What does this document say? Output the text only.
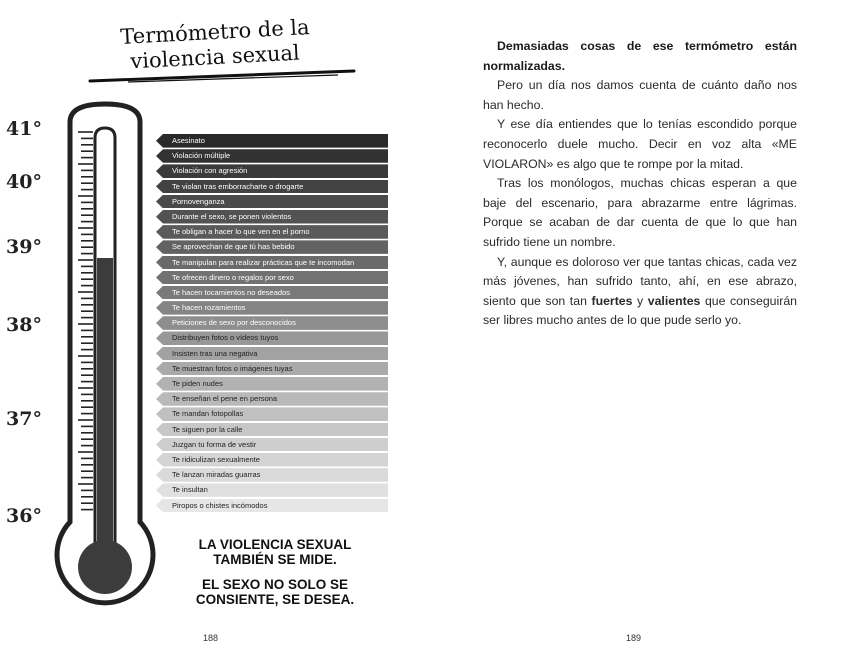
Termómetro de la
violencia sexual
41°
40°
39°
38°
37°
36°
Asesinato
Violación múltiple
Violación con agresión
Te violan tras emborracharte o drogarte
Pornovenganza
Durante el sexo, se ponen violentos
Te obligan a hacer lo que ven en el porno
Se aprovechan de que tú has bebido
Te manipulan para realizar prácticas que te incomodan
Te ofrecen dinero o regalos por sexo
Te hacen tocamientos no deseados
Te hacen rozamientos
Peticiones de sexo por desconocidos
Distribuyen fotos o vídeos tuyos
Insisten tras una negativa
Te muestran fotos o imágenes tuyas
Te piden nudes
Te enseñan el pene en persona
Te mandan fotopollas
Te siguen por la calle
Juzgan tu forma de vestir
Te ridiculizan sexualmente
Te lanzan miradas guarras
Te insultan
Piropos o chistes incómodos
LA VIOLENCIA SEXUAL TAMBIÉN SE MIDE.
EL SEXO NO SOLO SE CONSIENTE, SE DESEA.
188

Demasiadas cosas de ese termómetro están normalizadas.

Pero un día nos damos cuenta de cuánto daño nos han hecho.

Y ese día entiendes que lo tenías escondido porque reconocerlo duele mucho. Decir en voz alta «ME VIOLARON» es algo que te rompe por la mitad.

Tras los monólogos, muchas chicas esperan a que baje del escenario, para abrazarme entre lágrimas. Porque se acaban de dar cuenta de que lo que han sufrido tiene un nombre.

Y, aunque es doloroso ver que tantas chicas, cada vez más jóvenes, han sufrido tanto, ahí, en ese abrazo, siento que son tan fuertes y valientes que conseguirán ser libres mucho antes de lo que pude serlo yo.

189
